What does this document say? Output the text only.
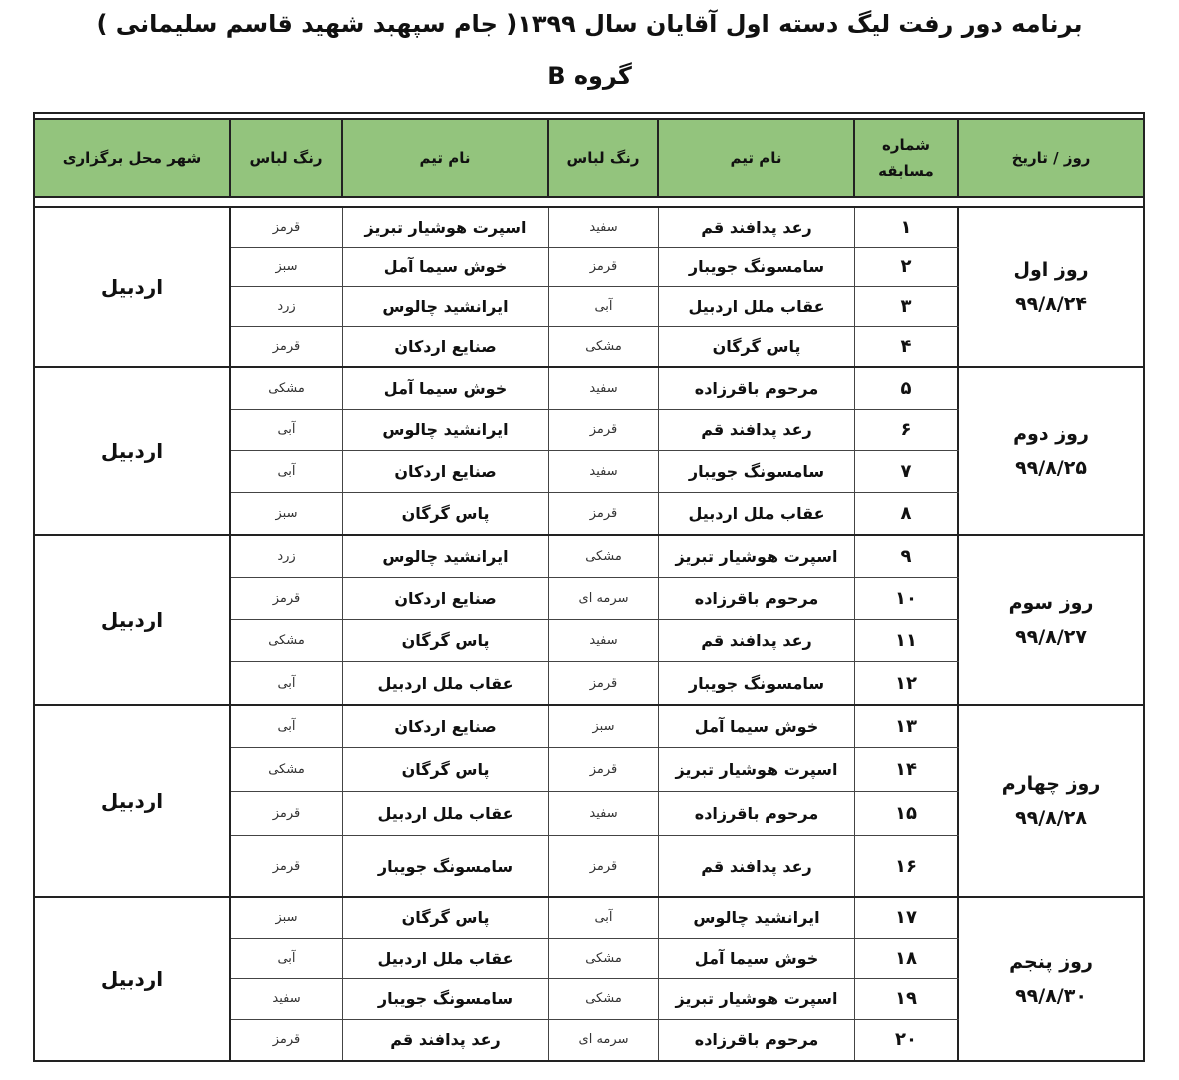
برنامه دور رفت لیگ دسته اول آقایان سال ۱۳۹۹( جام سپهبد شهید قاسم سلیمانی )
گروه B
شهر محل برگزاری	رنگ لباس	نام تیم	رنگ لباس	نام تیم
شماره مسابقه
روز / تاریخ
اردبیل
قرمز	اسپرت هوشیار تبریز	سفید	رعد پدافند قم	۱
سبز	خوش سیما آمل	قرمز	سامسونگ جویبار	۲
زرد	ایرانشید چالوس	آبی	عقاب ملل اردبیل	۳
قرمز	صنایع اردکان	مشکی	پاس گرگان	۴
روز اول
۹۹/۸/۲۴
اردبیل
مشکی	خوش سیما آمل	سفید	مرحوم باقرزاده	۵
آبی	ایرانشید چالوس	قرمز	رعد پدافند قم	۶
آبی	صنایع اردکان	سفید	سامسونگ جویبار	۷
سبز	پاس گرگان	قرمز	عقاب ملل اردبیل	۸
روز دوم
۹۹/۸/۲۵
اردبیل
زرد	ایرانشید چالوس	مشکی	اسپرت هوشیار تبریز	۹
قرمز	صنایع اردکان	سرمه ای	مرحوم باقرزاده	۱۰
مشکی	پاس گرگان	سفید	رعد پدافند قم	۱۱
آبی	عقاب ملل اردبیل	قرمز	سامسونگ جویبار	۱۲
روز سوم
۹۹/۸/۲۷
اردبیل
آبی	صنایع اردکان	سبز	خوش سیما آمل	۱۳
مشکی	پاس گرگان	قرمز	اسپرت هوشیار تبریز	۱۴
قرمز	عقاب ملل اردبیل	سفید	مرحوم باقرزاده	۱۵
قرمز	سامسونگ جویبار	قرمز	رعد پدافند قم	۱۶
روز چهارم
۹۹/۸/۲۸
اردبیل
سبز	پاس گرگان	آبی	ایرانشید چالوس	۱۷
آبی	عقاب ملل اردبیل	مشکی	خوش سیما آمل	۱۸
سفید	سامسونگ جویبار	مشکی	اسپرت هوشیار تبریز	۱۹
قرمز	رعد پدافند قم	سرمه ای	مرحوم باقرزاده	۲۰
روز پنجم
۹۹/۸/۳۰
